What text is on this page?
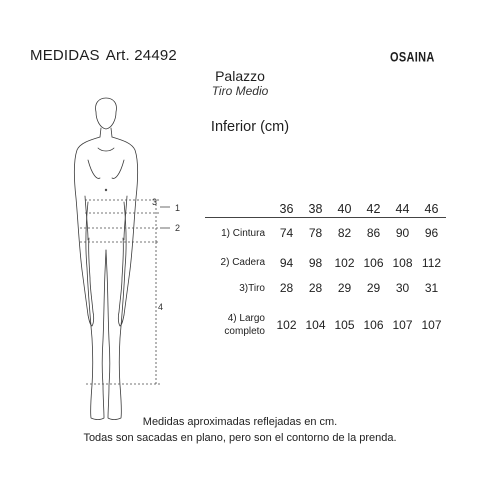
MEDIDAS Art. 24492	OSAINA
Palazzo
Tiro Medio
Inferior (cm)
1
2
3
4
	36	38	40	42	44	46

1) Cintura	74	78	82	86	90	96
2) Cadera	94	98	102	106	108	112
3)Tiro	28	28	29	29	30	31
4) Largo
completo	102	104	105	106	107	107
Medidas aproximadas reflejadas en cm.
Todas son sacadas en plano, pero son el contorno de la prenda.
